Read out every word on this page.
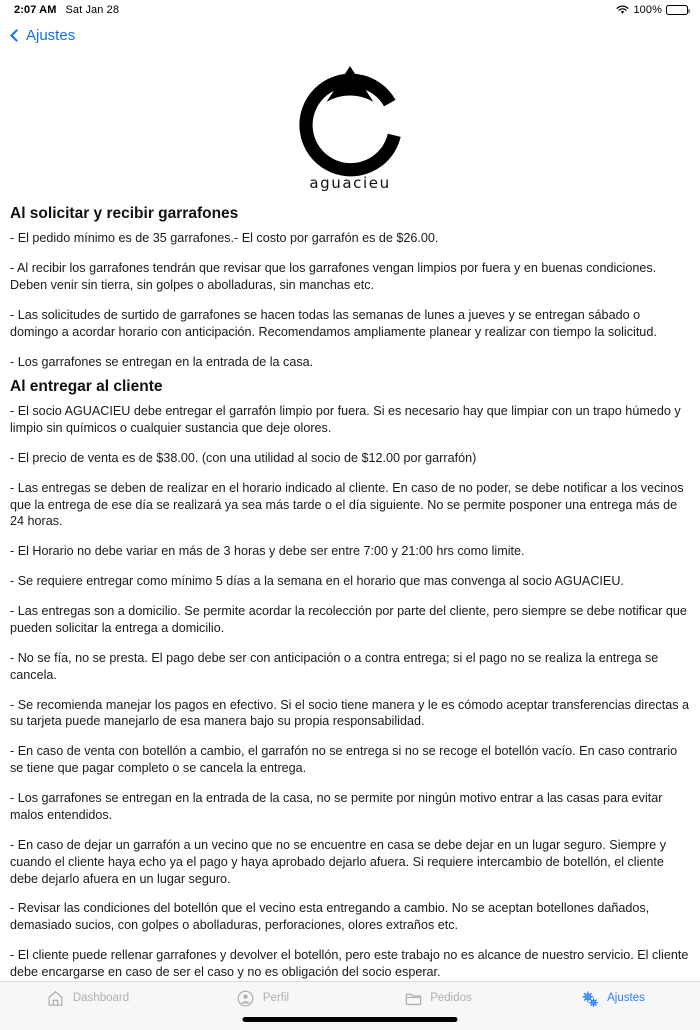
2:07 AM Sat Jan 28	100%
Ajustes
aguacieu
Al solicitar y recibir garrafones

- El pedido mínimo es de 35 garrafones.- El costo por garrafón es de $26.00.

- Al recibir los garrafones tendrán que revisar que los garrafones vengan limpios por fuera y en buenas condiciones. Deben venir sin tierra, sin golpes o abolladuras, sin manchas etc.

- Las solicitudes de surtido de garrafones se hacen todas las semanas de lunes a jueves y se entregan sábado o domingo a acordar horario con anticipación. Recomendamos ampliamente planear y realizar con tiempo la solicitud.

- Los garrafones se entregan en la entrada de la casa.

Al entregar al cliente

- El socio AGUACIEU debe entregar el garrafón limpio por fuera. Si es necesario hay que limpiar con un trapo húmedo y limpio sin químicos o cualquier sustancia que deje olores.

- El precio de venta es de $38.00. (con una utilidad al socio de $12.00 por garrafón)

- Las entregas se deben de realizar en el horario indicado al cliente. En caso de no poder, se debe notificar a los vecinos que la entrega de ese día se realizará ya sea más tarde o el día siguiente. No se permite posponer una entrega más de 24 horas.

- El Horario no debe variar en más de 3 horas y debe ser entre 7:00 y 21:00 hrs como limite.

- Se requiere entregar como mínimo 5 días a la semana en el horario que mas convenga al socio AGUACIEU.

- Las entregas son a domicilio. Se permite acordar la recolección por parte del cliente, pero siempre se debe notificar que pueden solicitar la entrega a domicilio.

- No se fía, no se presta. El pago debe ser con anticipación o a contra entrega; si el pago no se realiza la entrega se cancela.

- Se recomienda manejar los pagos en efectivo. Si el socio tiene manera y le es cómodo aceptar transferencias directas a su tarjeta puede manejarlo de esa manera bajo su propia responsabilidad.

- En caso de venta con botellón a cambio, el garrafón no se entrega si no se recoge el botellón vacío. En caso contrario se tiene que pagar completo o se cancela la entrega.

- Los garrafones se entregan en la entrada de la casa, no se permite por ningún motivo entrar a las casas para evitar malos entendidos.

- En caso de dejar un garrafón a un vecino que no se encuentre en casa se debe dejar en un lugar seguro. Siempre y cuando el cliente haya echo ya el pago y haya aprobado dejarlo afuera. Si requiere intercambio de botellón, el cliente debe dejarlo afuera en un lugar seguro.

- Revisar las condiciones del botellón que el vecino esta entregando a cambio. No se aceptan botellones dañados, demasiado sucios, con golpes o abolladuras, perforaciones, olores extraños etc.

- El cliente puede rellenar garrafones y devolver el botellón, pero este trabajo no es alcance de nuestro servicio. El cliente debe encargarse en caso de ser el caso y no es obligación del socio esperar.

Dashboard	Perfil	Pedidos	Ajustes
